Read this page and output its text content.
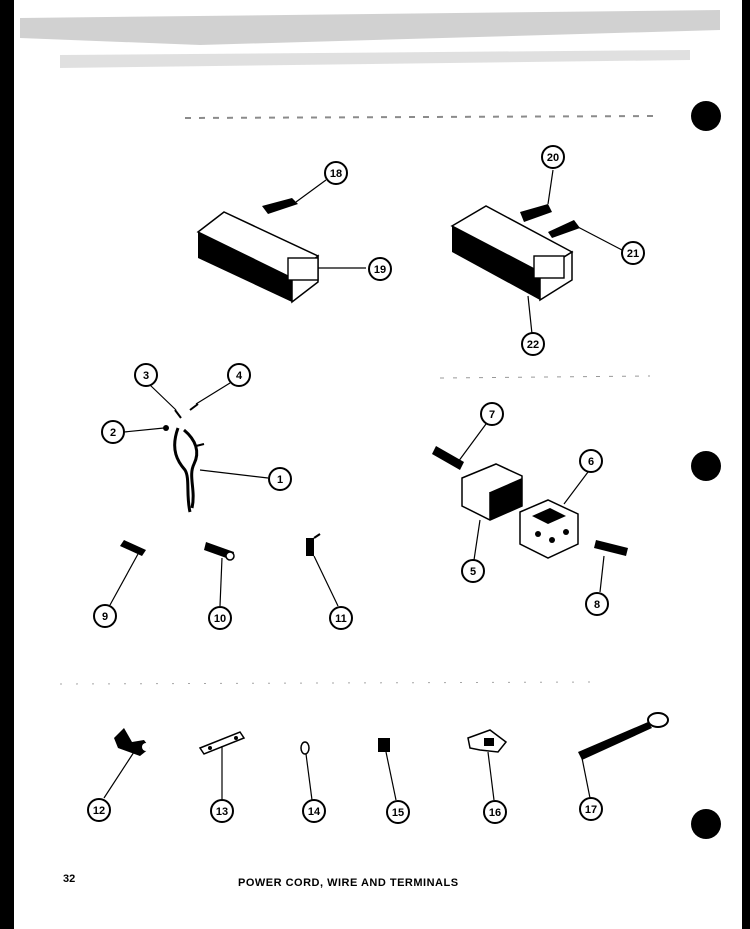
1
2
3	4
5
6
7
8
9	10	11
12	13	14	15	16	17
18
19
20
21
22
32	POWER CORD, WIRE AND TERMINALS
